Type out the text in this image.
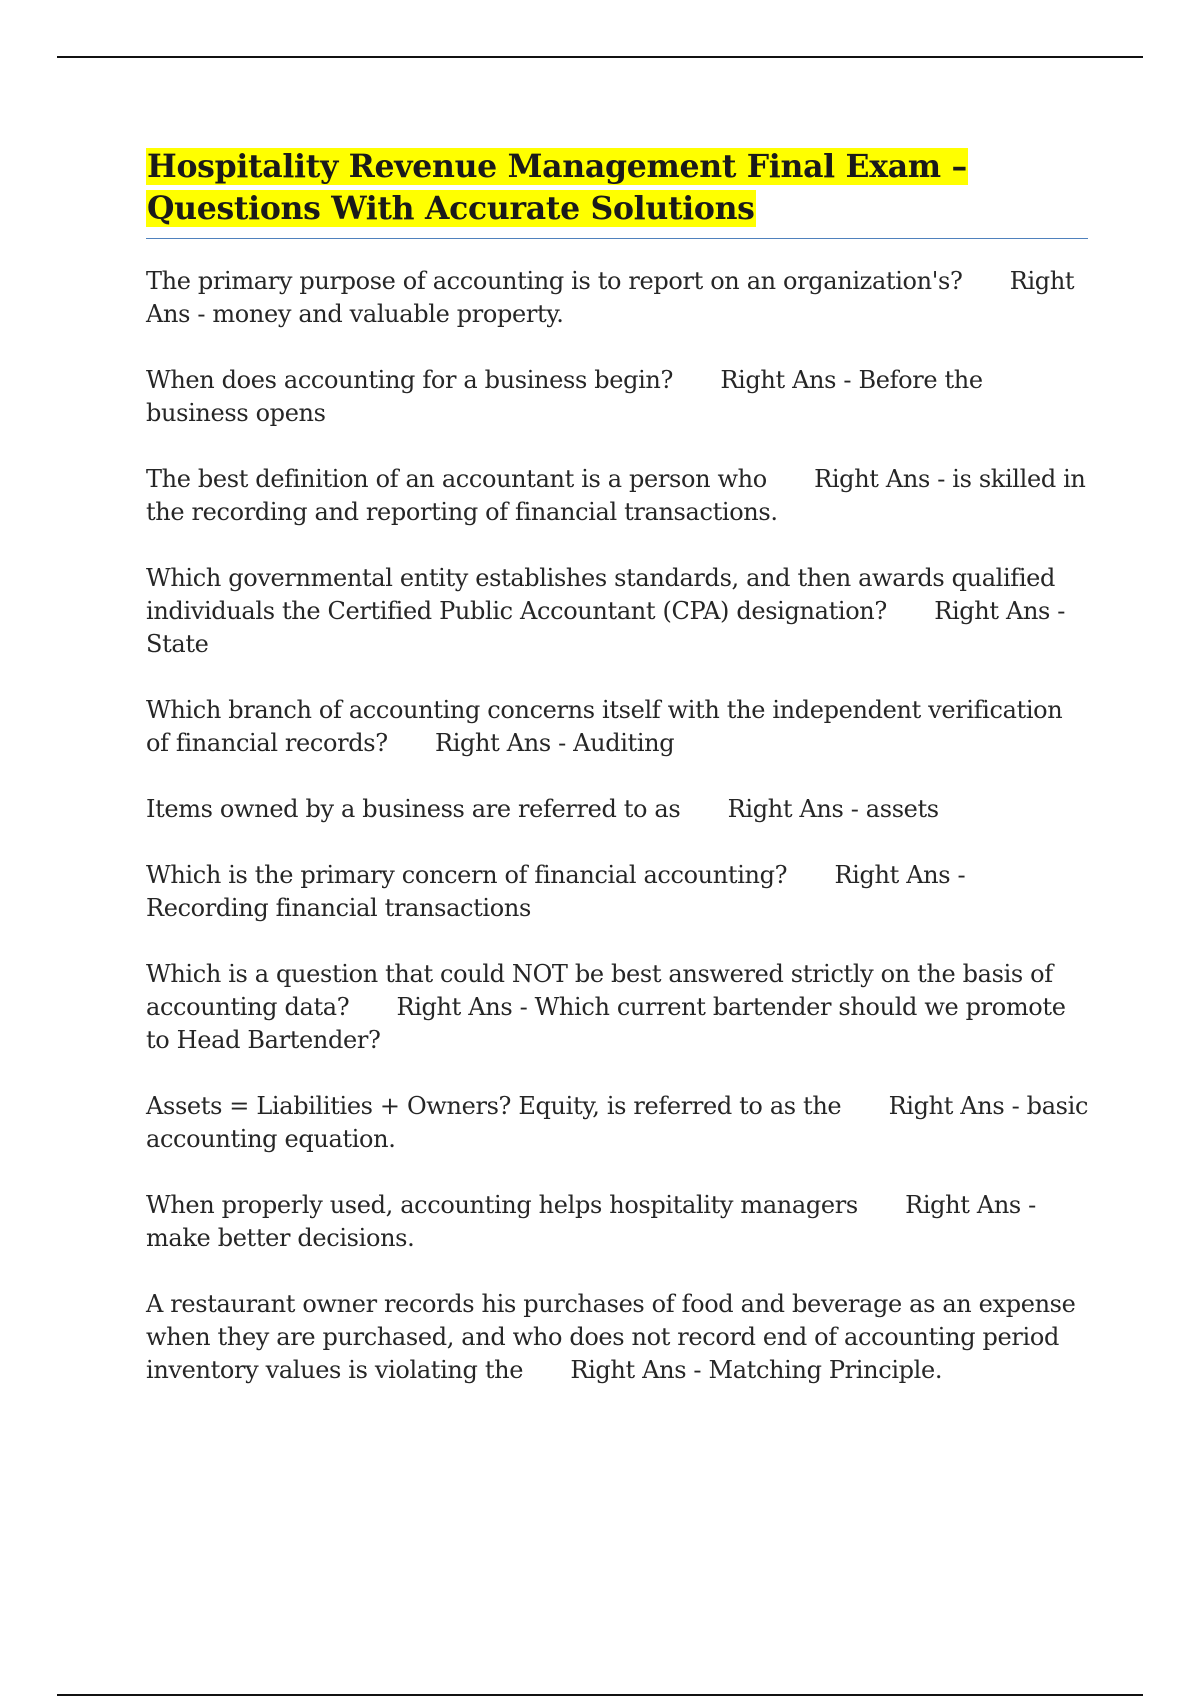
Hospitality Revenue Management Final Exam –
Questions With Accurate Solutions

The primary purpose of accounting is to report on an organization's? Right Ans - money and valuable property.

When does accounting for a business begin? Right Ans - Before the business opens

The best definition of an accountant is a person who Right Ans - is skilled in the recording and reporting of financial transactions.

Which governmental entity establishes standards, and then awards qualified individuals the Certified Public Accountant (CPA) designation? Right Ans - State

Which branch of accounting concerns itself with the independent verification of financial records? Right Ans - Auditing

Items owned by a business are referred to as Right Ans - assets

Which is the primary concern of financial accounting? Right Ans - Recording financial transactions

Which is a question that could NOT be best answered strictly on the basis of accounting data? Right Ans - Which current bartender should we promote to Head Bartender?

Assets = Liabilities + Owners? Equity, is referred to as the Right Ans - basic accounting equation.

When properly used, accounting helps hospitality managers Right Ans - make better decisions.

A restaurant owner records his purchases of food and beverage as an expense when they are purchased, and who does not record end of accounting period inventory values is violating the Right Ans - Matching Principle.
